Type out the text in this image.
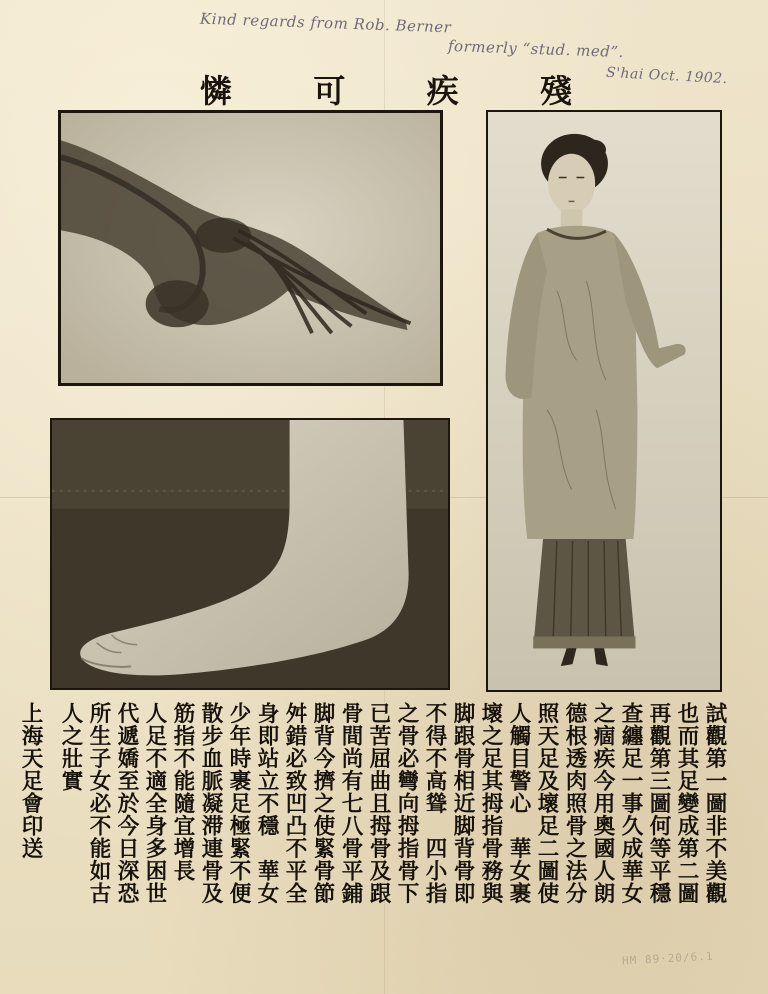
Kind regards from Rob. Berner
formerly “stud. med”.
S'hai Oct. 1902.
殘
疾
可
憐
試觀第一圖非不美觀
也而其足變成第二圖
再觀第三圖何等平穩
查纏足一事久成華女
之痼疾今用奧國人朗
德根透肉照骨之法分
照天足及壞足二圖使
人觸目警心　華女裹
壞之足其拇指骨務與
脚跟骨相近脚背骨即
不得不高聳　四小指
之骨必彎向拇指骨下
已苦屈曲且拇骨及跟
骨間尚有七八骨平鋪
脚背今擠之使緊骨節
舛錯必致凹凸不平全
身即站立不穩　華女
少年時裹足極緊不便
散步血脈凝滞連骨及
筋指不能隨宜增長
人足不適全身多困世
代遞嬌至於今日深恐
所生子女必不能如古
人之壯實
上海天足會印送
HM 89·20/6.1
